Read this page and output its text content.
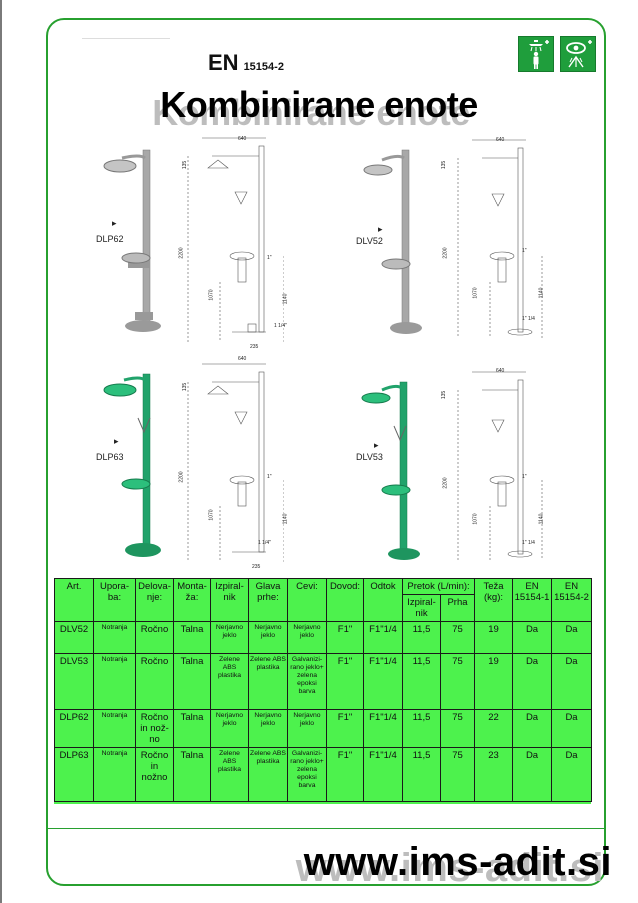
EN 15154-2
Kombinirane enote
▸
DLP62
640
135
2200
1070	1140
235
1"
1 1/4"
▸
DLV52
640
135
2200
1070	1140
1"
1" 1/4
▸
DLP63
640
135
2200
1070	1140
235
1"
1 1/4"
▸
DLV53
640
135
2200
1070	1140
1"
1" 1/4
Art.	Upora-ba:	Delova-nje:	Monta-ža:	Izpiral-nik	Glava prhe:	Cevi:	Dovod:	Odtok	Pretok (L/min):		Teža (kg):	EN 15154-1	EN 15154-2
									Izpiral-nik	Prha			
DLV52	Notranja	Ročno	Talna	Nerjavno jeklo	Nerjavno jeklo	Nerjavno jeklo	F1"	F1"1/4	11,5	75	19	Da	Da
DLV53	Notranja	Ročno	Talna	Zelene ABS plastika	Zelene ABS plastika	Galvanizi-rano jeklo+ zelena epoksi barva	F1"	F1"1/4	11,5	75	19	Da	Da
DLP62	Notranja	Ročno in nož-no	Talna	Nerjavno jeklo	Nerjavno jeklo	Nerjavno jeklo	F1"	F1"1/4	11,5	75	22	Da	Da
DLP63	Notranja	Ročno in nožno	Talna	Zelene ABS plastika	Zelene ABS plastika	Galvanizi-rano jeklo+ zelena epoksi barva	F1"	F1"1/4	11,5	75	23	Da	Da
www.ims-adit.si
